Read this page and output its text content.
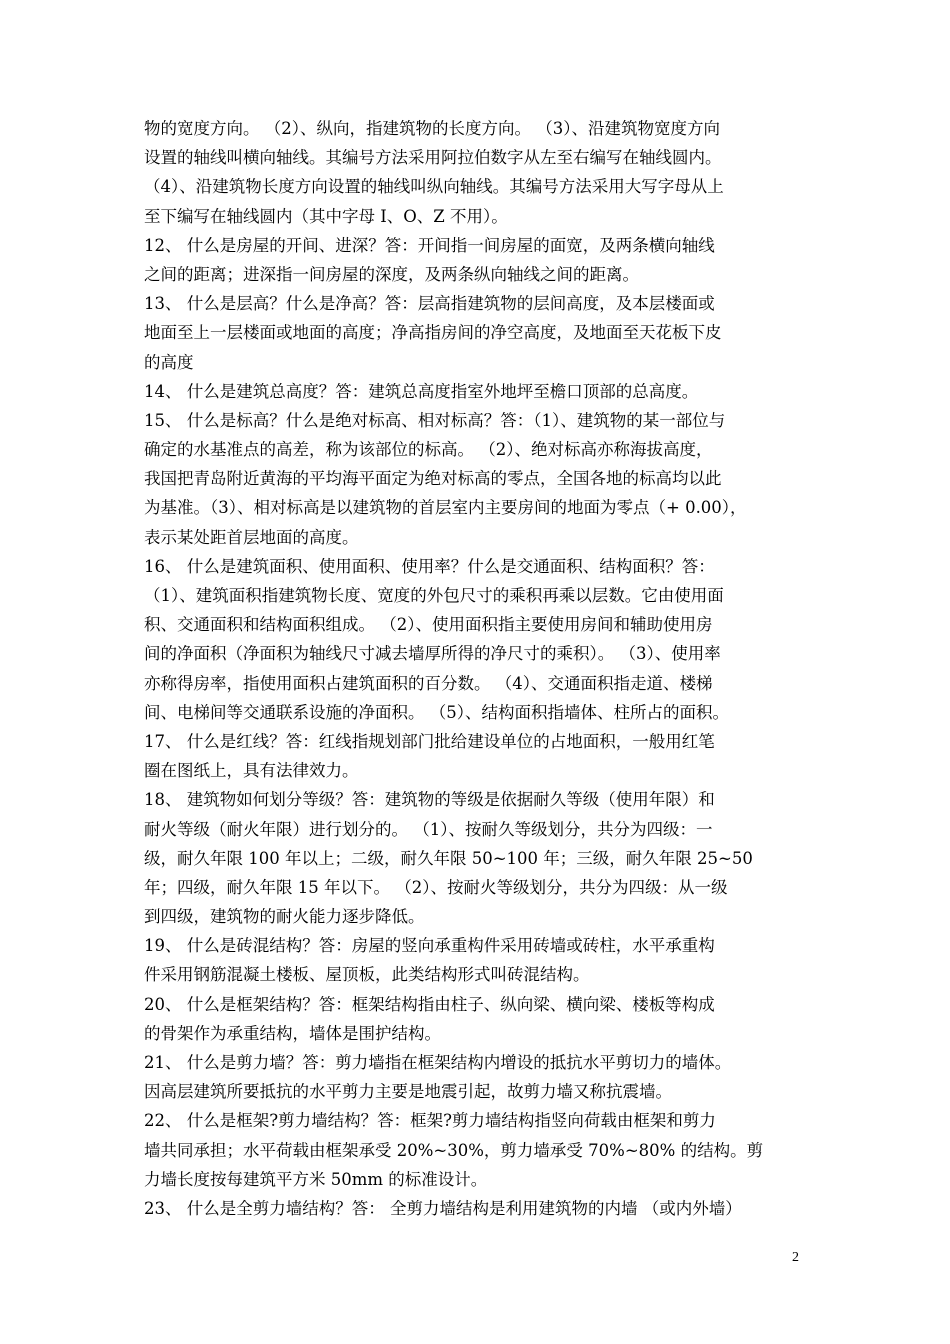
物的宽度方向。 （2）、纵向，指建筑物的长度方向。 （3）、沿建筑物宽度方向
设置的轴线叫横向轴线。其编号方法采用阿拉伯数字从左至右编写在轴线圆内。
（4）、沿建筑物长度方向设置的轴线叫纵向轴线。其编号方法采用大写字母从上
至下编写在轴线圆内（其中字母 I、O、Z 不用）。
12、 什么是房屋的开间、进深？答：开间指一间房屋的面宽，及两条横向轴线
之间的距离；进深指一间房屋的深度，及两条纵向轴线之间的距离。
13、 什么是层高？什么是净高？答：层高指建筑物的层间高度，及本层楼面或
地面至上一层楼面或地面的高度；净高指房间的净空高度，及地面至天花板下皮
的高度
14、 什么是建筑总高度？答：建筑总高度指室外地坪至檐口顶部的总高度。
15、 什么是标高？什么是绝对标高、相对标高？答：（1）、建筑物的某一部位与
确定的水基准点的高差，称为该部位的标高。 （2）、绝对标高亦称海拔高度，
我国把青岛附近黄海的平均海平面定为绝对标高的零点，全国各地的标高均以此
为基准。（3）、相对标高是以建筑物的首层室内主要房间的地面为零点（+ 0.00），
表示某处距首层地面的高度。
16、 什么是建筑面积、使用面积、使用率？什么是交通面积、结构面积？答：
（1）、建筑面积指建筑物长度、宽度的外包尺寸的乘积再乘以层数。它由使用面
积、交通面积和结构面积组成。 （2）、使用面积指主要使用房间和辅助使用房
间的净面积（净面积为轴线尺寸减去墙厚所得的净尺寸的乘积）。 （3）、使用率
亦称得房率，指使用面积占建筑面积的百分数。 （4）、交通面积指走道、楼梯
间、电梯间等交通联系设施的净面积。 （5）、结构面积指墙体、柱所占的面积。
17、 什么是红线？答：红线指规划部门批给建设单位的占地面积，一般用红笔
圈在图纸上，具有法律效力。
18、 建筑物如何划分等级？答：建筑物的等级是依据耐久等级（使用年限）和
耐火等级（耐火年限）进行划分的。 （1）、按耐久等级划分，共分为四级：一
级，耐久年限 100 年以上；二级，耐久年限 50~100 年；三级，耐久年限 25~50
年；四级，耐久年限 15 年以下。 （2）、按耐火等级划分，共分为四级：从一级
到四级，建筑物的耐火能力逐步降低。
19、 什么是砖混结构？答：房屋的竖向承重构件采用砖墙或砖柱，水平承重构
件采用钢筋混凝土楼板、屋顶板，此类结构形式叫砖混结构。
20、 什么是框架结构？答：框架结构指由柱子、纵向梁、横向梁、楼板等构成
的骨架作为承重结构，墙体是围护结构。
21、 什么是剪力墙？答：剪力墙指在框架结构内增设的抵抗水平剪切力的墙体。
因高层建筑所要抵抗的水平剪力主要是地震引起，故剪力墙又称抗震墙。
22、 什么是框架?剪力墙结构？答：框架?剪力墙结构指竖向荷载由框架和剪力
墙共同承担；水平荷载由框架承受 20%~30%，剪力墙承受 70%~80% 的结构。剪
力墙长度按每建筑平方米 50mm 的标准设计。
23、 什么是全剪力墙结构？答： 全剪力墙结构是利用建筑物的内墙 （或内外墙）
2
